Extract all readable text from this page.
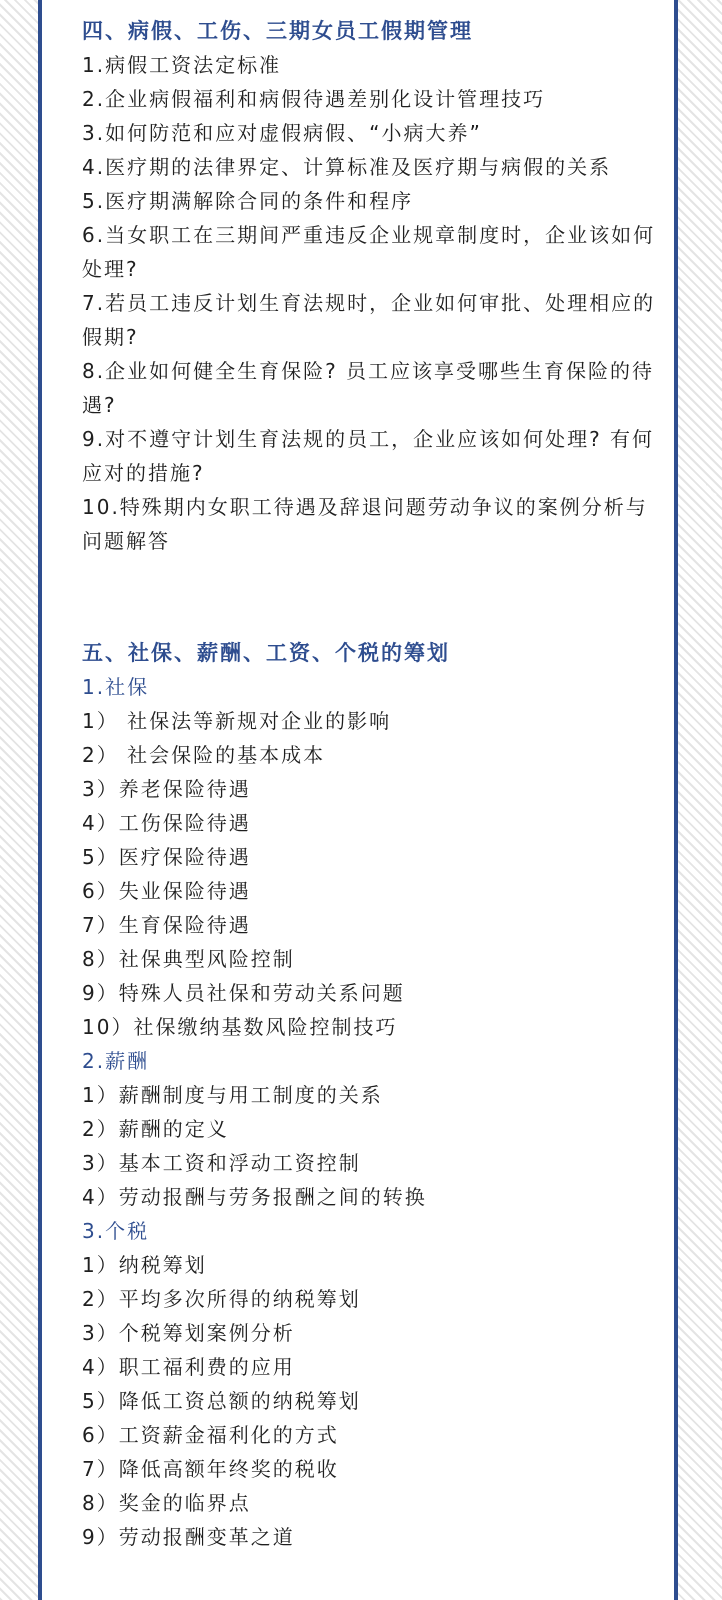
四、病假、工伤、三期女员工假期管理

1.病假工资法定标准

2.企业病假福利和病假待遇差别化设计管理技巧

3.如何防范和应对虚假病假、“小病大养”

4.医疗期的法律界定、计算标准及医疗期与病假的关系

5.医疗期满解除合同的条件和程序

6.当女职工在三期间严重违反企业规章制度时，企业该如何处理?

7.若员工违反计划生育法规时，企业如何审批、处理相应的假期?

8.企业如何健全生育保险? 员工应该享受哪些生育保险的待遇?

9.对不遵守计划生育法规的员工，企业应该如何处理? 有何应对的措施?

10.特殊期内女职工待遇及辞退问题劳动争议的案例分析与问题解答

五、社保、薪酬、工资、个税的筹划

1.社保

1） 社保法等新规对企业的影响

2） 社会保险的基本成本

3）养老保险待遇

4）工伤保险待遇

5）医疗保险待遇

6）失业保险待遇

7）生育保险待遇

8）社保典型风险控制

9）特殊人员社保和劳动关系问题

10）社保缴纳基数风险控制技巧

2.薪酬

1）薪酬制度与用工制度的关系

2）薪酬的定义

3）基本工资和浮动工资控制

4）劳动报酬与劳务报酬之间的转换

3.个税

1）纳税筹划

2）平均多次所得的纳税筹划

3）个税筹划案例分析

4）职工福利费的应用

5）降低工资总额的纳税筹划

6）工资薪金福利化的方式

7）降低高额年终奖的税收

8）奖金的临界点

9）劳动报酬变革之道
